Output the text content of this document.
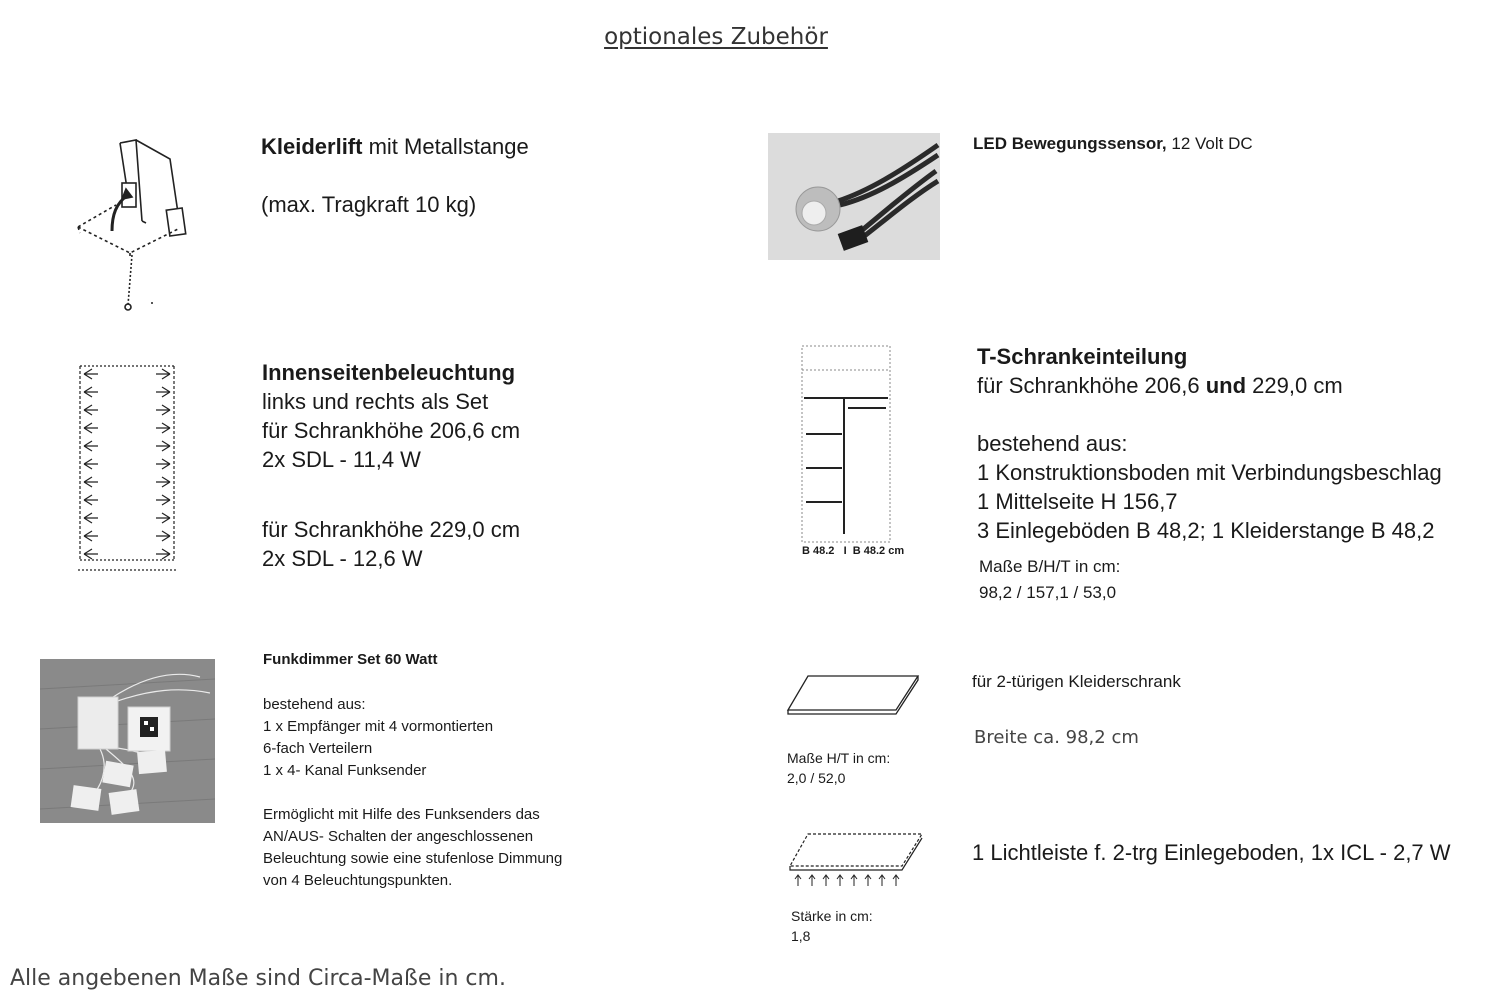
optionales Zubehör
Kleiderlift mit Metallstange
(max. Tragkraft 10 kg)
LED Bewegungssensor, 12 Volt DC
Innenseitenbeleuchtung
links und rechts als Set
für Schrankhöhe 206,6 cm
2x SDL - 11,4 W
für Schrankhöhe 229,0 cm
2x SDL - 12,6 W	B 48.2   I  B 48.2 cm
T-Schrankeinteilung
für Schrankhöhe 206,6 und 229,0 cm
bestehend aus:
1 Konstruktionsboden mit Verbindungsbeschlag
1 Mittelseite H 156,7
3 Einlegeböden B 48,2; 1 Kleiderstange B 48,2
Maße B/H/T in cm:
98,2 / 157,1 / 53,0
Funkdimmer Set 60 Watt
bestehend aus:
1 x Empfänger mit 4 vormontierten
6-fach Verteilern
1 x 4- Kanal Funksender
Ermöglicht mit Hilfe des Funksenders das
AN/AUS- Schalten der angeschlossenen
Beleuchtung sowie eine stufenlose Dimmung
von 4 Beleuchtungspunkten.
Maße H/T in cm:
2,0 / 52,0
für 2-türigen Kleiderschrank
Breite ca. 98,2 cm
Stärke in cm:
1,8
1 Lichtleiste f. 2-trg Einlegeboden, 1x ICL - 2,7 W
Alle angebenen Maße sind Circa-Maße in cm.
